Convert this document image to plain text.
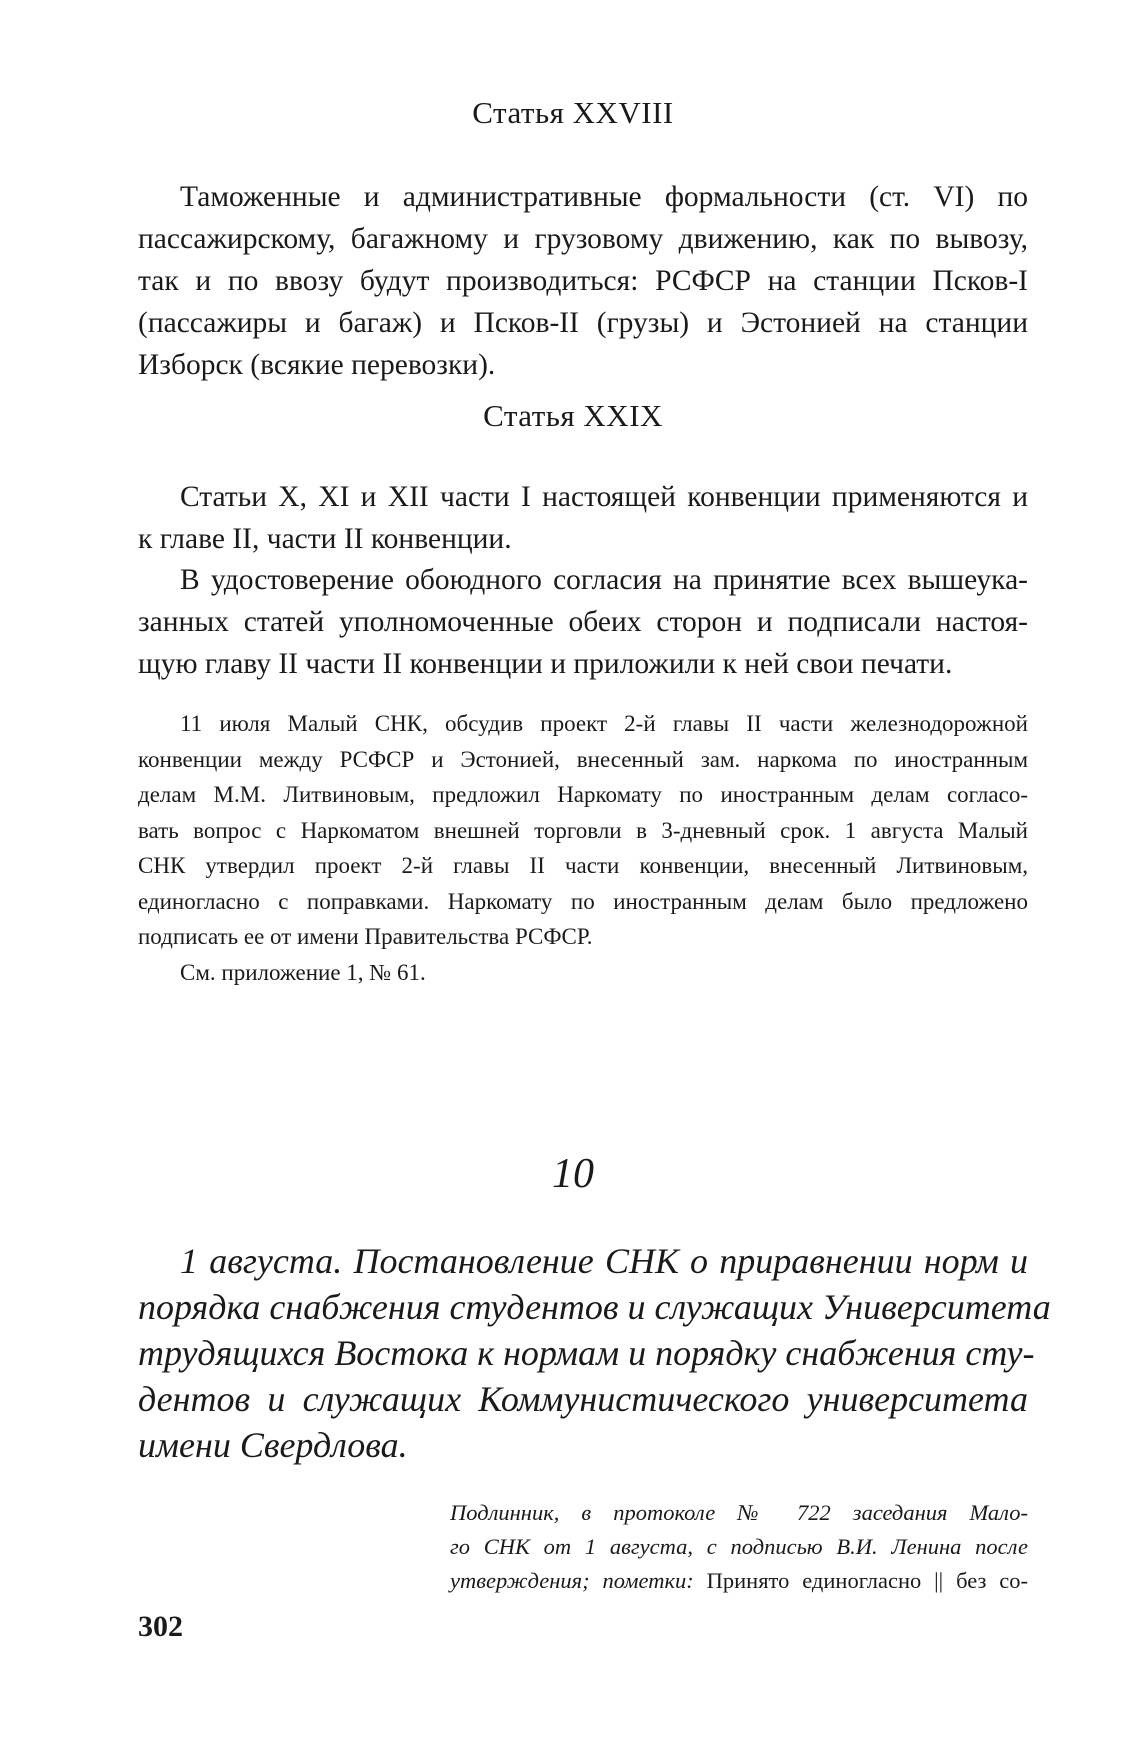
Статья XXVIII
Таможенные и административные формальности (ст. VI) по
пассажирскому, багажному и грузовому движению, как по вывозу,
так и по ввозу будут производиться: РСФСР на станции Псков-I
(пассажиры и багаж) и Псков-II (грузы) и Эстонией на станции
Изборск (всякие перевозки).
Статья XXIX
Статьи X, XI и XII части I настоящей конвенции применяются и
к главе II, части II конвенции.
В удостоверение обоюдного согласия на принятие всех вышеука-
занных статей уполномоченные обеих сторон и подписали настоя-
щую главу II части II конвенции и приложили к ней свои печати.
11 июля Малый СНК, обсудив проект 2-й главы II части железнодорожной
конвенции между РСФСР и Эстонией, внесенный зам. наркома по иностранным
делам М.М. Литвиновым, предложил Наркомату по иностранным делам согласо-
вать вопрос с Наркоматом внешней торговли в 3-дневный срок. 1 августа Малый
СНК утвердил проект 2-й главы II части конвенции, внесенный Литвиновым,
единогласно с поправками. Наркомату по иностранным делам было предложено
подписать ее от имени Правительства РСФСР.
См. приложение 1, № 61.
10
1 августа. Постановление СНК о приравнении норм и
порядка снабжения студентов и служащих Университета
трудящихся Востока к нормам и порядку снабжения сту-
дентов и служащих Коммунистического университета
имени Свердлова.
Подлинник, в протоколе № 722 заседания Мало-
го СНК от 1 августа, с подписью В.И. Ленина после
утверждения; пометки: Принято единогласно || без со-
302
